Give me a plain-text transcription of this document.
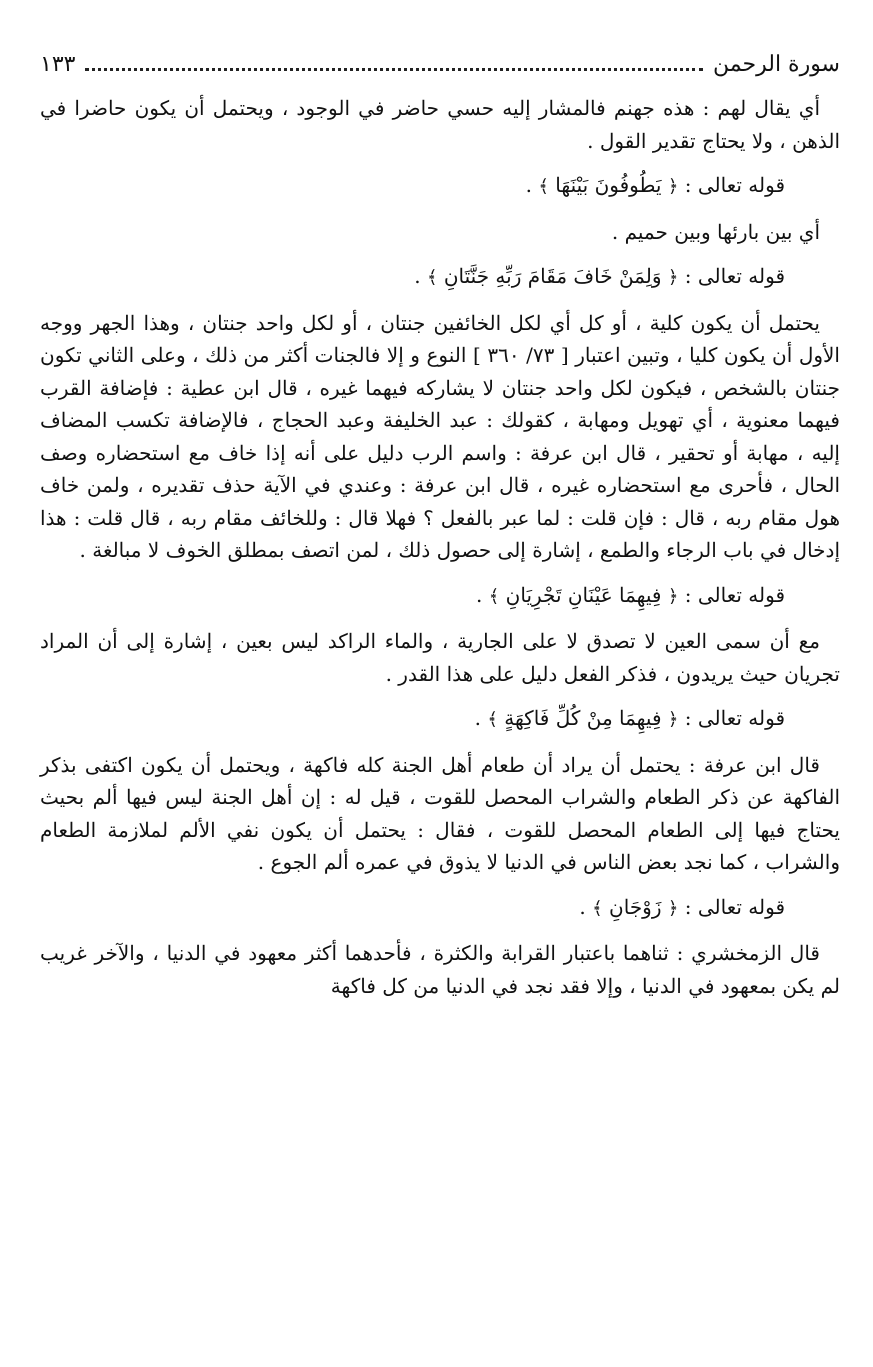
سورة الرحمن
١٣٣

أي يقال لهم : هذه جهنم فالمشار إليه حسي حاضر في الوجود ، ويحتمل أن يكون حاضرا في الذهن ، ولا يحتاج تقدير القول .

قوله تعالى : ﴿ يَطُوفُونَ بَيْنَهَا ﴾ .

أي بين بارئها وبين حميم .

قوله تعالى : ﴿ وَلِمَنْ خَافَ مَقَامَ رَبِّهِ جَنَّتَانِ ﴾ .

يحتمل أن يكون كلية ، أو كل أي لكل الخائفين جنتان ، أو لكل واحد جنتان ، وهذا الجهر ووجه الأول أن يكون كليا ، وتبين اعتبار [ ٧٣/ ٣٦٠ ] النوع و إلا فالجنات أكثر من ذلك ، وعلى الثاني تكون جنتان بالشخص ، فيكون لكل واحد جنتان لا يشاركه فيهما غيره ، قال ابن عطية : فإضافة القرب فيهما معنوية ، أي تهويل ومهابة ، كقولك : عبد الخليفة وعبد الحجاج ، فالإضافة تكسب المضاف إليه ، مهابة أو تحقير ، قال ابن عرفة : واسم الرب دليل على أنه إذا خاف مع استحضاره وصف الحال ، فأحرى مع استحضاره غيره ، قال ابن عرفة : وعندي في الآية حذف تقديره ، ولمن خاف هول مقام ربه ، قال : فإن قلت : لما عبر بالفعل ؟ فهلا قال : وللخائف مقام ربه ، قال قلت : هذا إدخال في باب الرجاء والطمع ، إشارة إلى حصول ذلك ، لمن اتصف بمطلق الخوف لا مبالغة .

قوله تعالى : ﴿ فِيهِمَا عَيْنَانِ تَجْرِيَانِ ﴾ .

مع أن سمى العين لا تصدق لا على الجارية ، والماء الراكد ليس بعين ، إشارة إلى أن المراد تجريان حيث يريدون ، فذكر الفعل دليل على هذا القدر .

قوله تعالى : ﴿ فِيهِمَا مِنْ كُلِّ فَاكِهَةٍ ﴾ .

قال ابن عرفة : يحتمل أن يراد أن طعام أهل الجنة كله فاكهة ، ويحتمل أن يكون اكتفى بذكر الفاكهة عن ذكر الطعام والشراب المحصل للقوت ، قيل له : إن أهل الجنة ليس فيها ألم بحيث يحتاج فيها إلى الطعام المحصل للقوت ، فقال : يحتمل أن يكون نفي الألم لملازمة الطعام والشراب ، كما نجد بعض الناس في الدنيا لا يذوق في عمره ألم الجوع .

قوله تعالى : ﴿ زَوْجَانِ ﴾ .

قال الزمخشري : ثناهما باعتبار القرابة والكثرة ، فأحدهما أكثر معهود في الدنيا ، والآخر غريب لم يكن بمعهود في الدنيا ، وإلا فقد نجد في الدنيا من كل فاكهة
